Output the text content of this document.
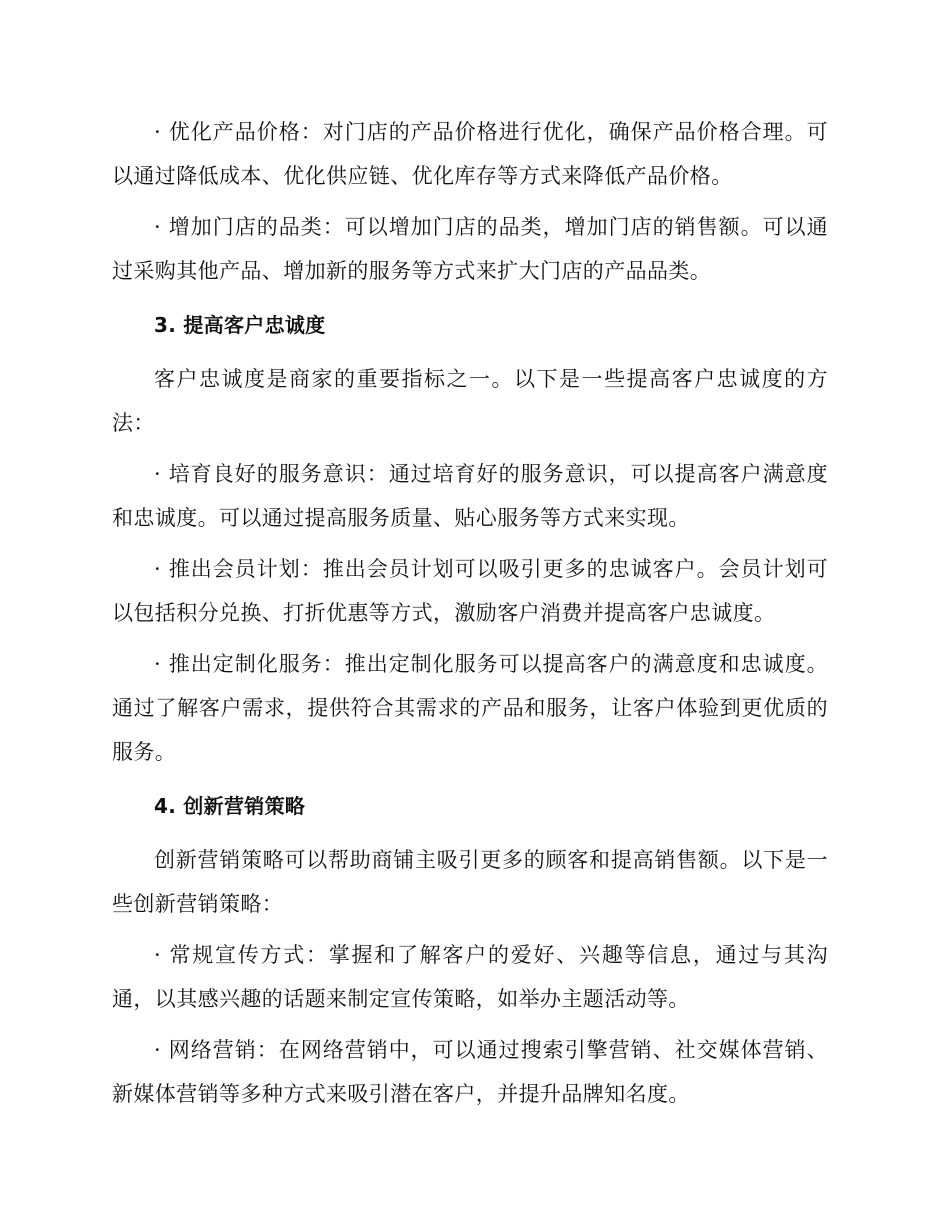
· 优化产品价格：对门店的产品价格进行优化，确保产品价格合理。可以通过降低成本、优化供应链、优化库存等方式来降低产品价格。

· 增加门店的品类：可以增加门店的品类，增加门店的销售额。可以通过采购其他产品、增加新的服务等方式来扩大门店的产品品类。

3. 提高客户忠诚度

客户忠诚度是商家的重要指标之一。以下是一些提高客户忠诚度的方法：

· 培育良好的服务意识：通过培育好的服务意识，可以提高客户满意度和忠诚度。可以通过提高服务质量、贴心服务等方式来实现。

· 推出会员计划：推出会员计划可以吸引更多的忠诚客户。会员计划可以包括积分兑换、打折优惠等方式，激励客户消费并提高客户忠诚度。

· 推出定制化服务：推出定制化服务可以提高客户的满意度和忠诚度。通过了解客户需求，提供符合其需求的产品和服务，让客户体验到更优质的服务。

4. 创新营销策略

创新营销策略可以帮助商铺主吸引更多的顾客和提高销售额。以下是一些创新营销策略：

· 常规宣传方式：掌握和了解客户的爱好、兴趣等信息，通过与其沟通，以其感兴趣的话题来制定宣传策略，如举办主题活动等。

· 网络营销：在网络营销中，可以通过搜索引擎营销、社交媒体营销、新媒体营销等多种方式来吸引潜在客户，并提升品牌知名度。
